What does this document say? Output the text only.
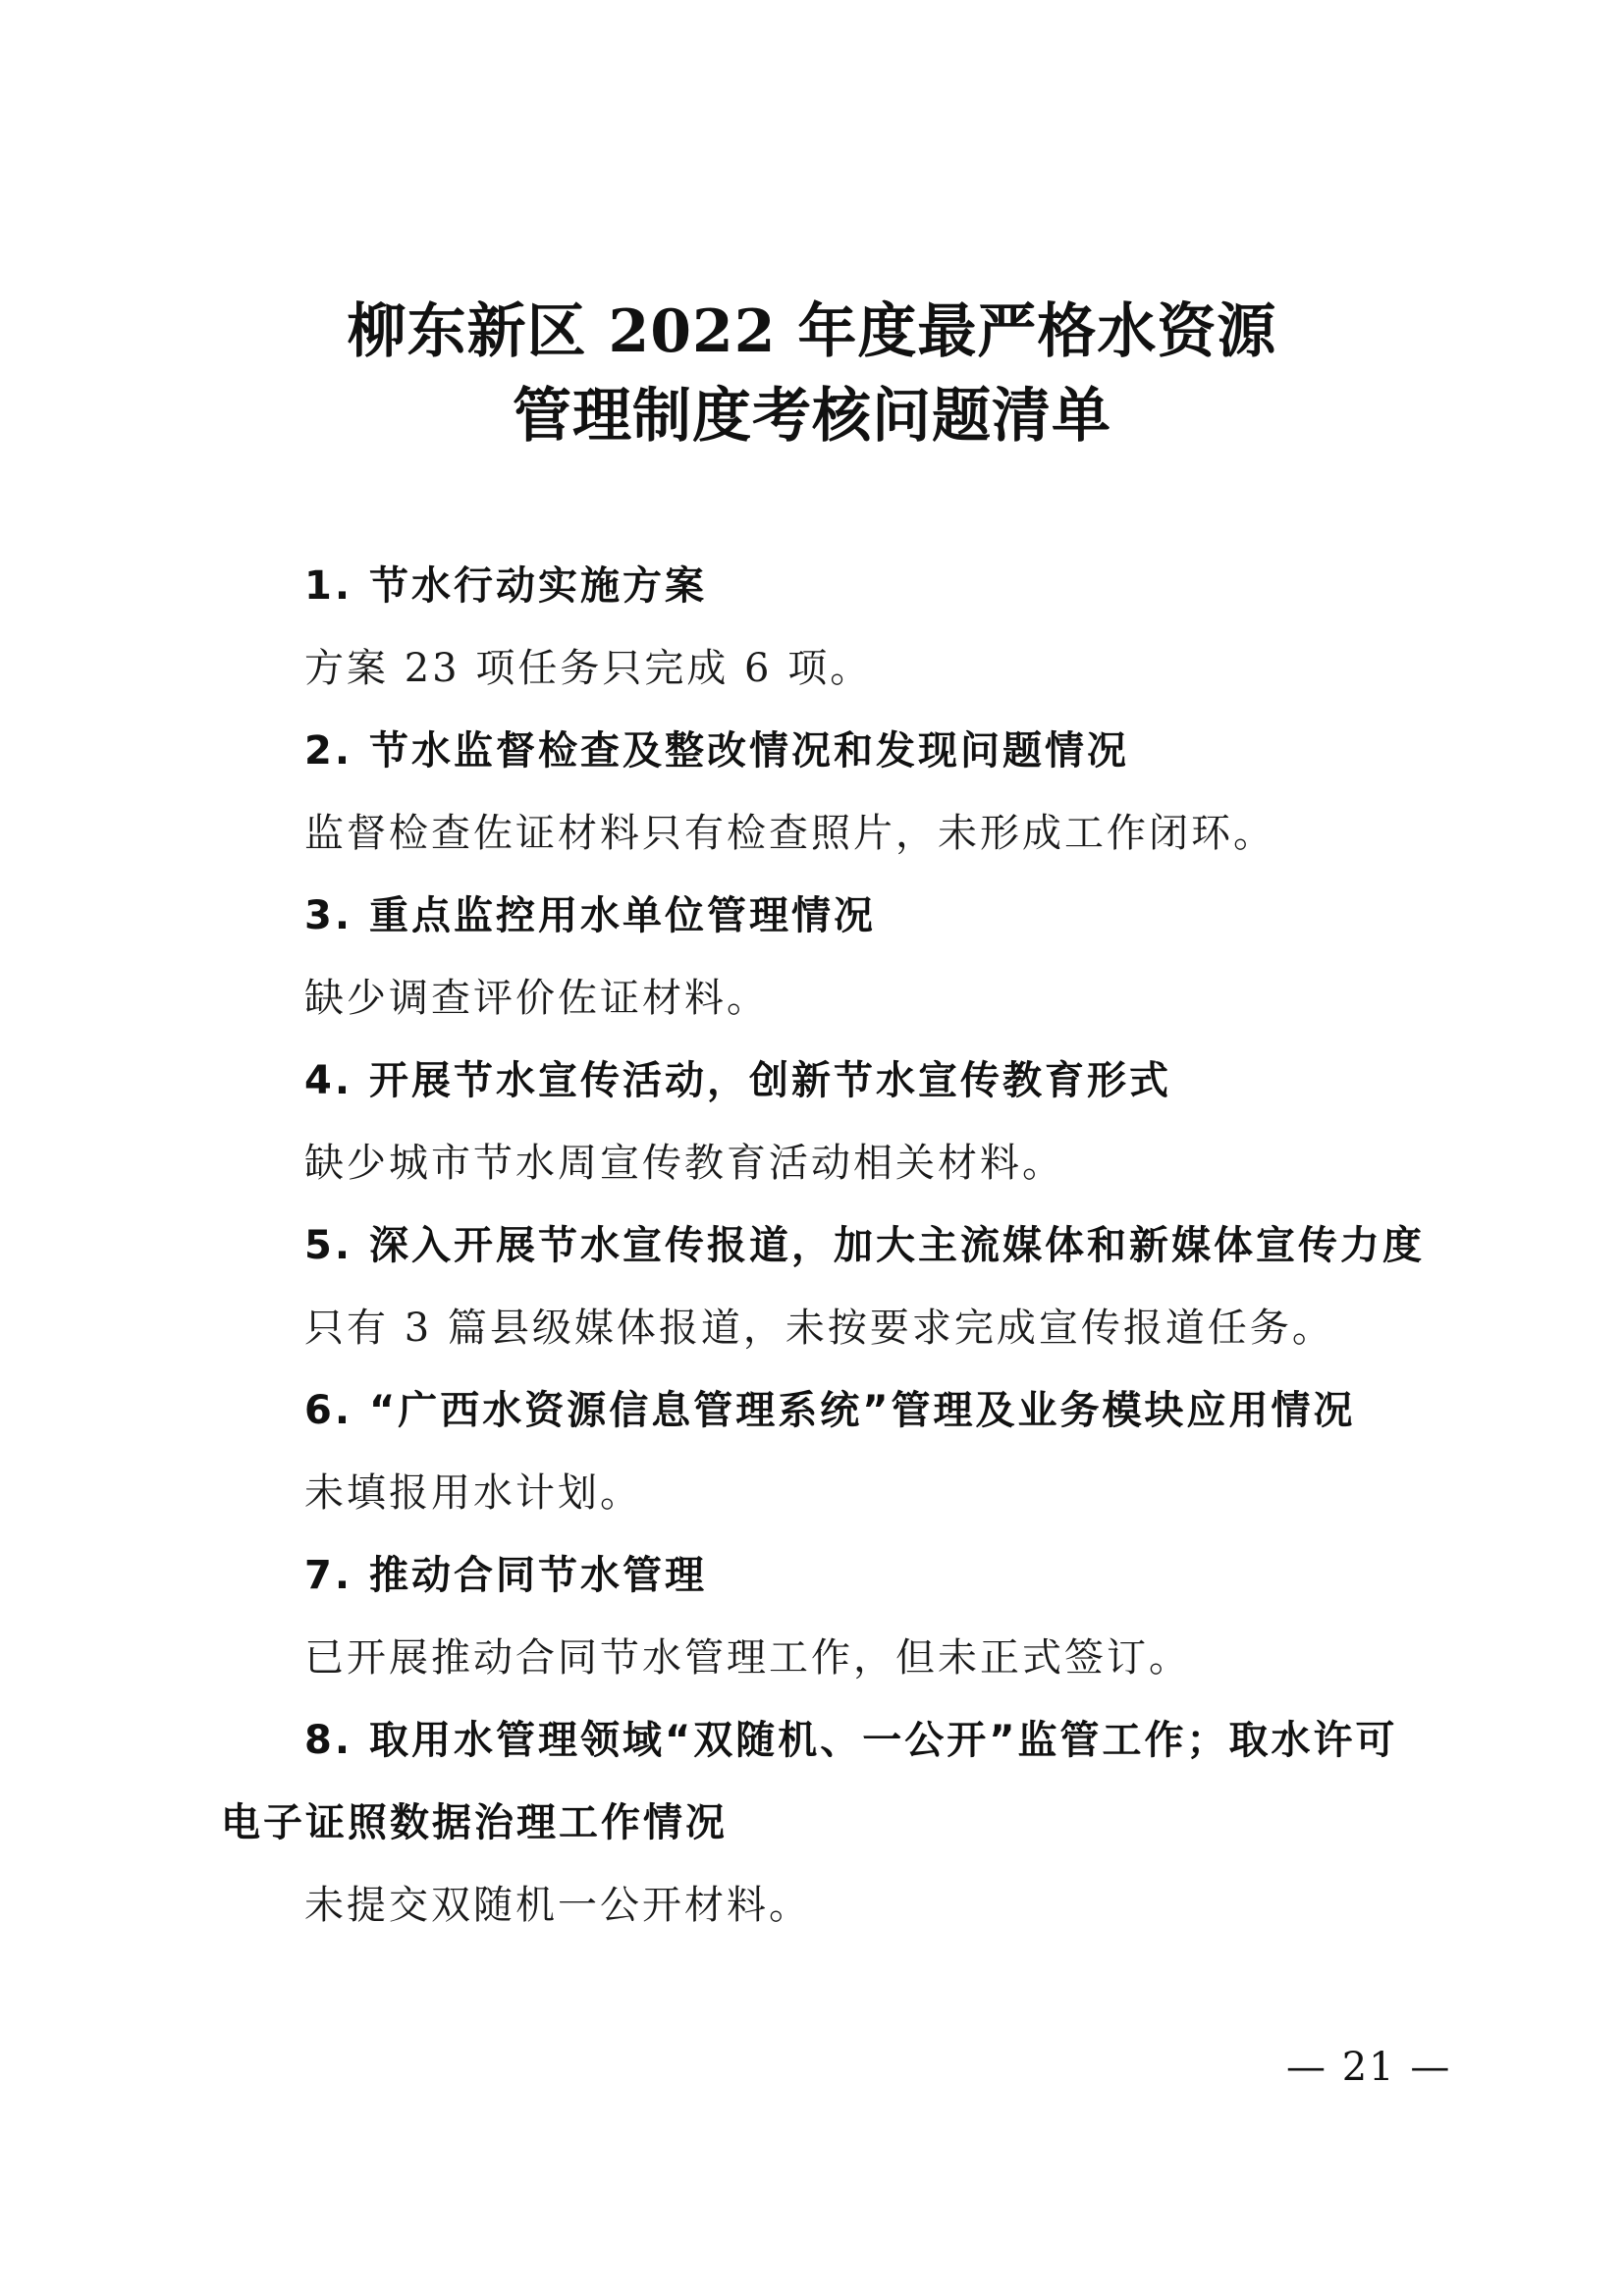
柳东新区 2022 年度最严格水资源
管理制度考核问题清单
1. 节水行动实施方案
方案 23 项任务只完成 6 项。
2. 节水监督检查及整改情况和发现问题情况
监督检查佐证材料只有检查照片，未形成工作闭环。
3. 重点监控用水单位管理情况
缺少调查评价佐证材料。
4. 开展节水宣传活动，创新节水宣传教育形式
缺少城市节水周宣传教育活动相关材料。
5. 深入开展节水宣传报道，加大主流媒体和新媒体宣传力度
只有 3 篇县级媒体报道，未按要求完成宣传报道任务。
6. “广西水资源信息管理系统”管理及业务模块应用情况
未填报用水计划。
7. 推动合同节水管理
已开展推动合同节水管理工作，但未正式签订。
8. 取用水管理领域“双随机、一公开”监管工作；取水许可
电子证照数据治理工作情况
未提交双随机一公开材料。
— 21 —
